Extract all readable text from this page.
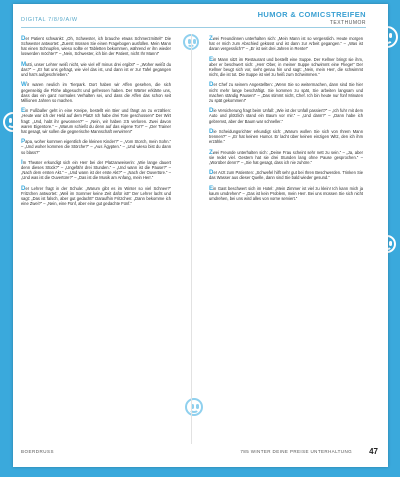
DIGITAL 7/8/9/A/W
HUMOR & COMICSTREIFEN
TEXTHUMOR

Der Patient schwankt: „Oh, Schwester, ich brauche etwas Schmerzmittel!“ Die Schwester antwortet: „Zuerst müssen Sie einen Fragebogen ausfüllen. Mein Mann hat einen Schnupfen, wieso sollte er Tabletten bekommen, während er ihn wieder loswerden möchte?“ – „Nein, Schwester, ich bin der Patient, nicht Ihr Mann!“

Mutti, unser Lehrer weiß nicht, wie viel elf minus drei ergibt!“ – „Woher weißt du das?“ – „Er hat uns gefragt, wie viel das ist, und dann ist er zur Tafel gegangen und hat’s aufgeschrieben.“

Wir waren neulich im Tierpark. Dort haben wir Affen gesehen, die sich gegenseitig die Flöhe abgesucht und gefressen haben. Der Wärter erklärte uns, dass das ein ganz normales Verhalten sei, und dass die Affen das schon seit Millionen Jahren so machen.

Ein Fußballer geht in eine Kneipe, bestellt ein Bier und fängt an zu erzählen: „Heute war ich der Held auf dem Platz! Ich habe drei Tore geschossen!“ Der Wirt fragt: „Und, habt ihr gewonnen?“ – „Nein, wir haben 3:5 verloren. Zwei davon waren Eigentore.“ – „Warum schießt du denn auf das eigene Tor?“ – „Der Trainer hat gesagt, wir sollen die gegnerische Mannschaft verwirren!“

Papa, woher kommen eigentlich die kleinen Kinder?“ – „Vom Storch, mein Sohn.“ – „Und woher kommen die Störche?“ – „Aus Ägypten.“ – „Und wieso bist du dann so blass?“

Im Theater erkundigt sich ein Herr bei der Platzanweiserin: „Wie lange dauert denn dieses Stück?“ – „Ungefähr drei Stunden.“ – „Und wann ist die Pause?“ – „Nach dem ersten Akt.“ – „Und wann ist der erste Akt?“ – „Nach der Ouvertüre.“ – „Und was ist die Ouvertüre?“ – „Das ist die Musik am Anfang, mein Herr.“

Der Lehrer fragt in der Schule: „Warum gibt es im Winter so viel Schnee?“ Fritzchen antwortet: „Weil im Sommer keine Zeit dafür ist!“ Der Lehrer lacht und sagt: „Das ist falsch, aber gut gedacht!“ Daraufhin Fritzchen: „Dann bekomme ich eine Zwei?“ – „Nein, eine Fünf, aber eine gut gedachte Fünf.“

Zwei Freundinnen unterhalten sich: „Mein Mann ist so vergesslich. Heute morgen hat er mich zum Abschied geküsst und ist dann zur Arbeit gegangen.“ – „Was ist daran vergesslich?“ – „Er ist seit drei Jahren in Rente!“

Ein Mann sitzt im Restaurant und bestellt eine Suppe. Der Kellner bringt sie ihm, aber er beschwert sich: „Herr Ober, in meiner Suppe schwimmt eine Fliege!“ Der Kellner beugt sich vor, sieht genau hin und sagt: „Nein, mein Herr, die schwimmt nicht, die ist tot. Die Suppe ist viel zu heiß zum Schwimmen.“

Der Chef zu seinem Angestellten: „Wenn Sie so weitermachen, dann sind Sie hier nicht mehr lange beschäftigt. Sie kommen zu spät, Sie arbeiten langsam und machen ständig Pausen!“ – „Das stimmt nicht, Chef. Ich bin heute nur fünf Minuten zu spät gekommen!“

Die Versicherung fragt beim Unfall: „Wie ist der Unfall passiert?“ – „Ich fuhr mit dem Auto und plötzlich stand ein Baum vor mir.“ – „Und dann?“ – „Dann habe ich gebremst, aber der Baum war schneller.“

Die Scheidungsrichter erkundigt sich: „Warum wollen Sie sich von Ihrem Mann trennen?“ – „Er hat keinen Humor. Er lacht über keinen einzigen Witz, den ich ihm erzähle.“

Zwei Freunde unterhalten sich: „Deine Frau scheint sehr nett zu sein.“ – „Ja, aber sie redet viel. Gestern hat sie drei Stunden lang ohne Pause gesprochen.“ – „Worüber denn?“ – „Sie hat gesagt, dass ich nie zuhöre.“

Der Arzt zum Patienten: „Schwefel hilft sehr gut bei Ihren Beschwerden. Trinken Sie das Wasser aus dieser Quelle, dann sind Sie bald wieder gesund.“

Ein Gast beschwert sich im Hotel: „Mein Zimmer ist viel zu klein! Ich kann mich ja kaum umdrehen!“ – „Das ist kein Problem, mein Herr. Bei uns müssen Sie sich nicht umdrehen, bei uns wird alles von vorne serviert.“

BOERDRUSS	785 WINTER DEINE PREISE UNTERHALTUNG 47
